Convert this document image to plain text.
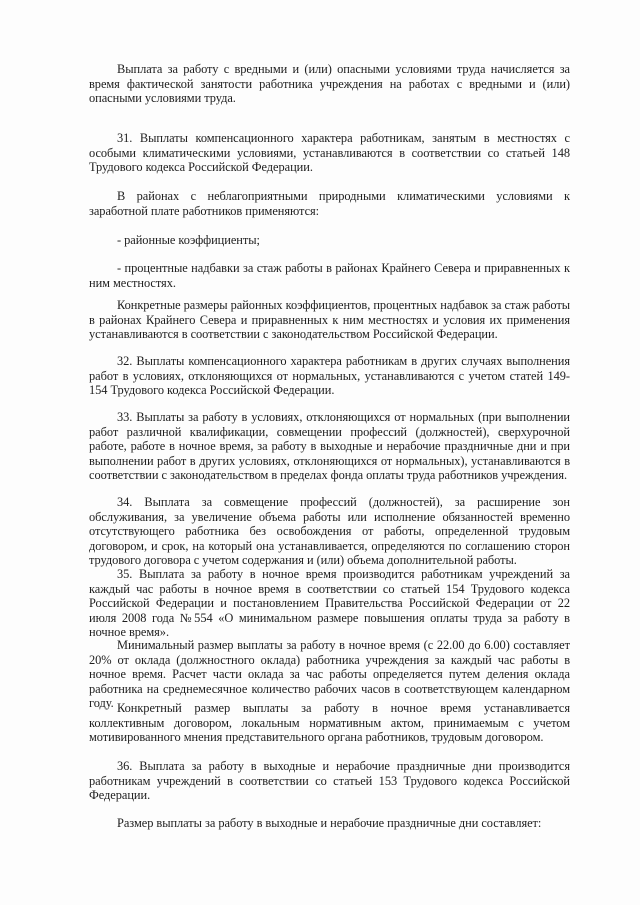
Выплата за работу с вредными и (или) опасными условиями труда начисляется за время фактической занятости работника учреждения на работах с вредными и (или) опасными условиями труда.

31. Выплаты компенсационного характера работникам, занятым в местностях с особыми климатическими условиями, устанавливаются в соответствии со статьей 148 Трудового кодекса Российской Федерации.

В районах с неблагоприятными природными климатическими условиями к заработной плате работников применяются:

- районные коэффициенты;

- процентные надбавки за стаж работы в районах Крайнего Севера и приравненных к ним местностях.

Конкретные размеры районных коэффициентов, процентных надбавок за стаж работы в районах Крайнего Севера и приравненных к ним местностях и условия их применения устанавливаются в соответствии с законодательством Российской Федерации.

32. Выплаты компенсационного характера работникам в других случаях выполнения работ в условиях, отклоняющихся от нормальных, устанавливаются с учетом статей 149-154 Трудового кодекса Российской Федерации.

33. Выплаты за работу в условиях, отклоняющихся от нормальных (при выполнении работ различной квалификации, совмещении профессий (должностей), сверхурочной работе, работе в ночное время, за работу в выходные и нерабочие праздничные дни и при выполнении работ в других условиях, отклоняющихся от нормальных), устанавливаются в соответствии с законодательством в пределах фонда оплаты труда работников учреждения.

34. Выплата за совмещение профессий (должностей), за расширение зон обслуживания, за увеличение объема работы или исполнение обязанностей временно отсутствующего работника без освобождения от работы, определенной трудовым договором, и срок, на который она устанавливается, определяются по соглашению сторон трудового договора с учетом содержания и (или) объема дополнительной работы.

35. Выплата за работу в ночное время производится работникам учреждений за каждый час работы в ночное время в соответствии со статьей 154 Трудового кодекса Российской Федерации и постановлением Правительства Российской Федерации от 22 июля 2008 года №554 «О минимальном размере повышения оплаты труда за работу в ночное время».

Минимальный размер выплаты за работу в ночное время (с 22.00 до 6.00) составляет 20% от оклада (должностного оклада) работника учреждения за каждый час работы в ночное время. Расчет части оклада за час работы определяется путем деления оклада работника на среднемесячное количество рабочих часов в соответствующем календарном году. Конкретный размер выплаты за работу в ночное время устанавливается коллективным договором, локальным нормативным актом, принимаемым с учетом мотивированного мнения представительного органа работников, трудовым договором.

36. Выплата за работу в выходные и нерабочие праздничные дни производится работникам учреждений в соответствии со статьей 153 Трудового кодекса Российской Федерации.

Размер выплаты за работу в выходные и нерабочие праздничные дни составляет:
